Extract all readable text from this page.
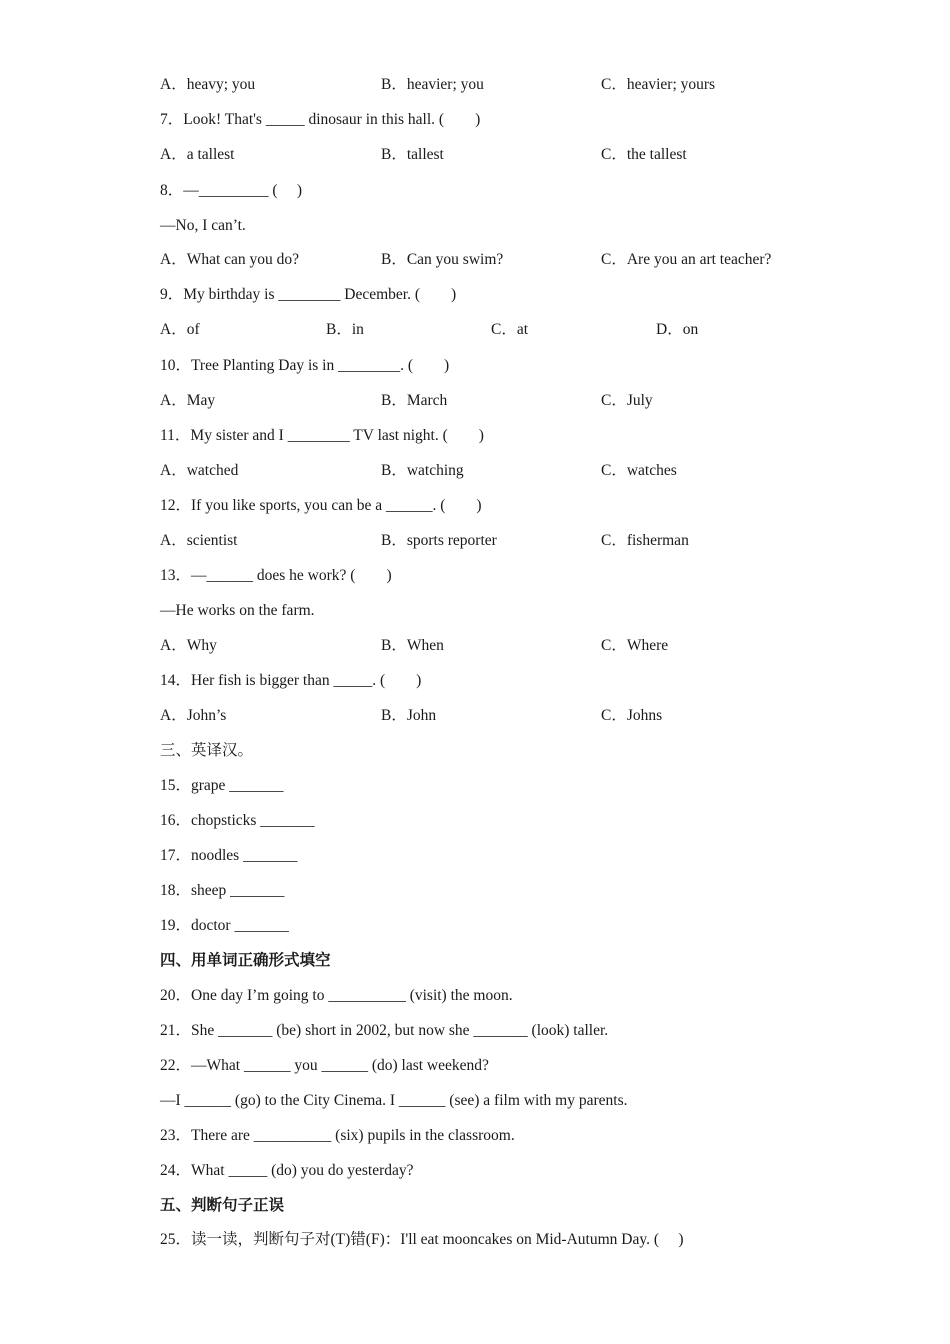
A．heavy; you	B．heavier; you	C．heavier; yours
7．Look! That's _____ dinosaur in this hall. (　　)
A．a tallest	B．tallest	C．the tallest
8．—_________ (　 )
—No, I can’t.
A．What can you do?	B．Can you swim?	C．Are you an art teacher?
9．My birthday is ________ December. (　　)
A．of	B．in	C．at	D．on
10．Tree Planting Day is in ________. (　　)
A．May	B．March	C．July
11．My sister and I ________ TV last night. (　　)
A．watched	B．watching	C．watches
12．If you like sports, you can be a ______. (　　)
A．scientist	B．sports reporter	C．fisherman
13．—______ does he work? (　　)
—He works on the farm.
A．Why	B．When	C．Where
14．Her fish is bigger than _____. (　　)
A．John’s	B．John	C．Johns
三、英译汉。
15．grape _______
16．chopsticks _______
17．noodles _______
18．sheep _______
19．doctor _______
四、用单词正确形式填空
20．One day I’m going to __________ (visit) the moon.
21．She _______ (be) short in 2002, but now she _______ (look) taller.
22．—What ______ you ______ (do) last weekend?
—I ______ (go) to the City Cinema. I ______ (see) a film with my parents.
23．There are __________ (six) pupils in the classroom.
24．What _____ (do) you do yesterday?
五、判断句子正误
25．读一读，判断句子对(T)错(F)：I'll eat mooncakes on Mid-Autumn Day. (　 )
